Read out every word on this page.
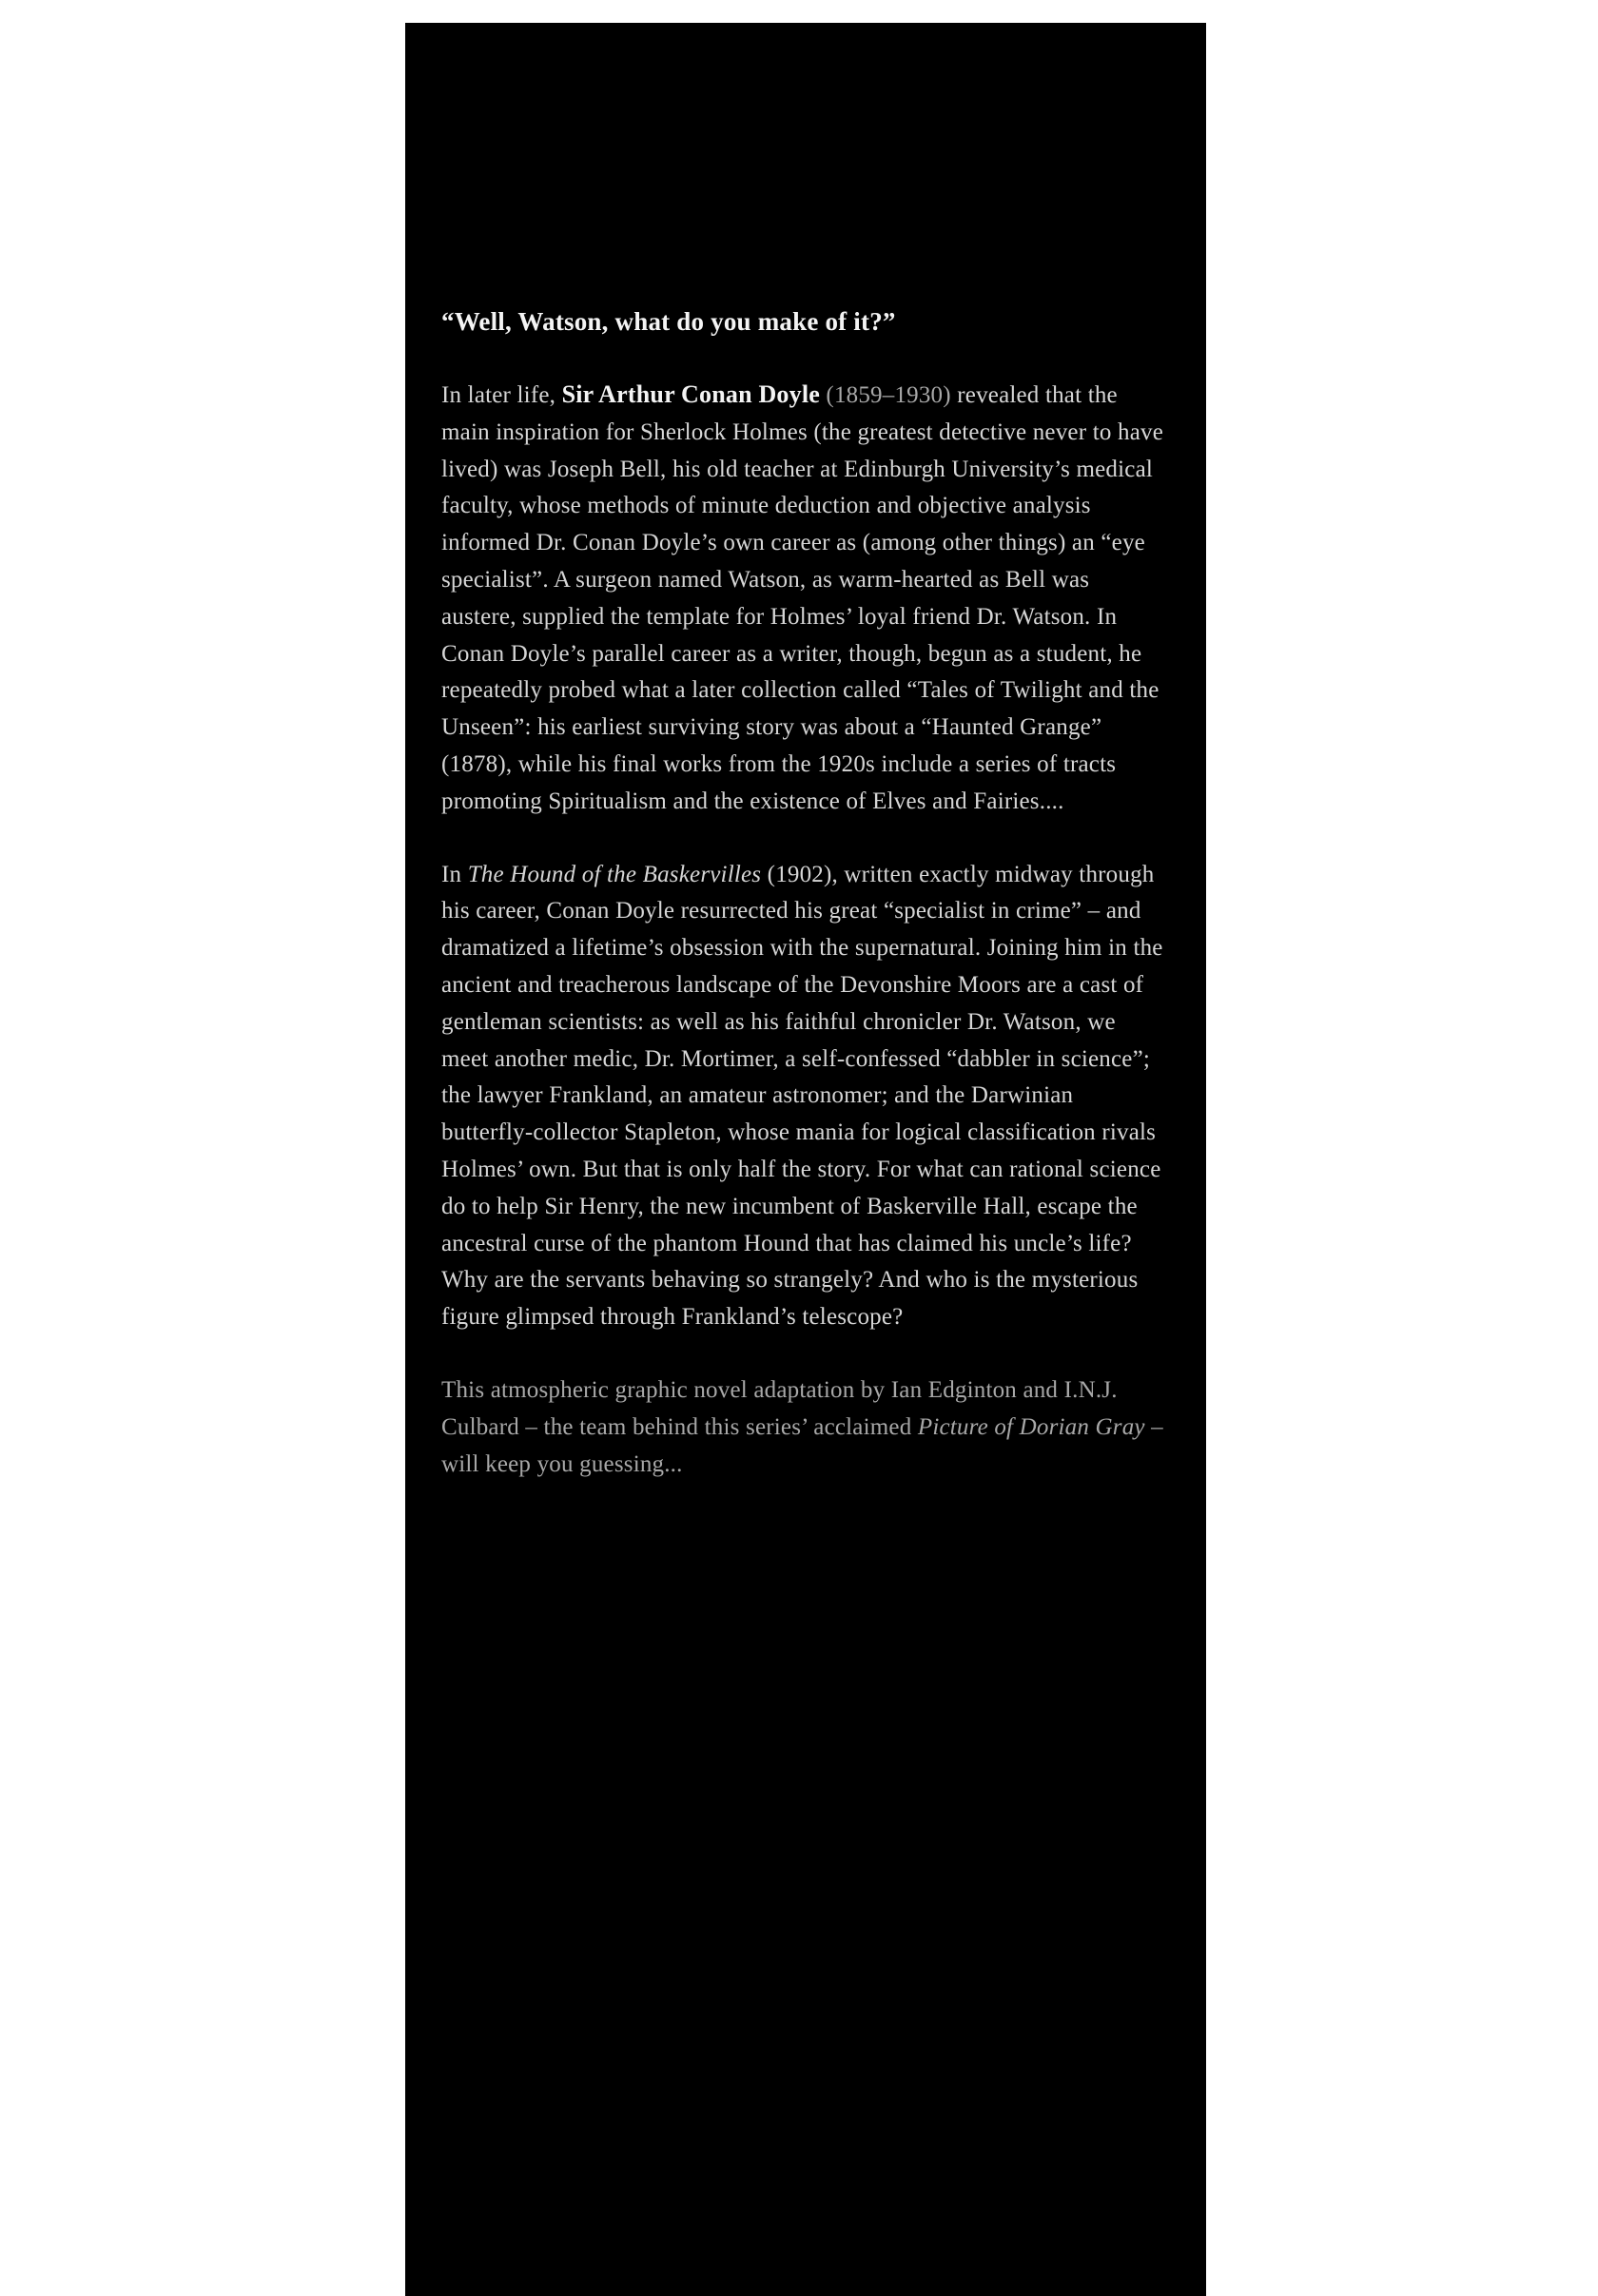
“Well, Watson, what do you make of it?”

In later life, Sir Arthur Conan Doyle (1859–1930) revealed that the main inspiration for Sherlock Holmes (the greatest detective never to have lived) was Joseph Bell, his old teacher at Edinburgh University’s medical faculty, whose methods of minute deduction and objective analysis informed Dr. Conan Doyle’s own career as (among other things) an “eye specialist”. A surgeon named Watson, as warm-hearted as Bell was austere, supplied the template for Holmes’ loyal friend Dr. Watson. In Conan Doyle’s parallel career as a writer, though, begun as a student, he repeatedly probed what a later collection called “Tales of Twilight and the Unseen”: his earliest surviving story was about a “Haunted Grange” (1878), while his final works from the 1920s include a series of tracts promoting Spiritualism and the existence of Elves and Fairies....

In The Hound of the Baskervilles (1902), written exactly midway through his career, Conan Doyle resurrected his great “specialist in crime” – and dramatized a lifetime’s obsession with the supernatural. Joining him in the ancient and treacherous landscape of the Devonshire Moors are a cast of gentleman scientists: as well as his faithful chronicler Dr. Watson, we meet another medic, Dr. Mortimer, a self-confessed “dabbler in science”; the lawyer Frankland, an amateur astronomer; and the Darwinian butterfly-collector Stapleton, whose mania for logical classification rivals Holmes’ own. But that is only half the story. For what can rational science do to help Sir Henry, the new incumbent of Baskerville Hall, escape the ancestral curse of the phantom Hound that has claimed his uncle’s life? Why are the servants behaving so strangely? And who is the mysterious figure glimpsed through Frankland’s telescope?

This atmospheric graphic novel adaptation by Ian Edginton and I.N.J. Culbard – the team behind this series’ acclaimed Picture of Dorian Gray – will keep you guessing...
